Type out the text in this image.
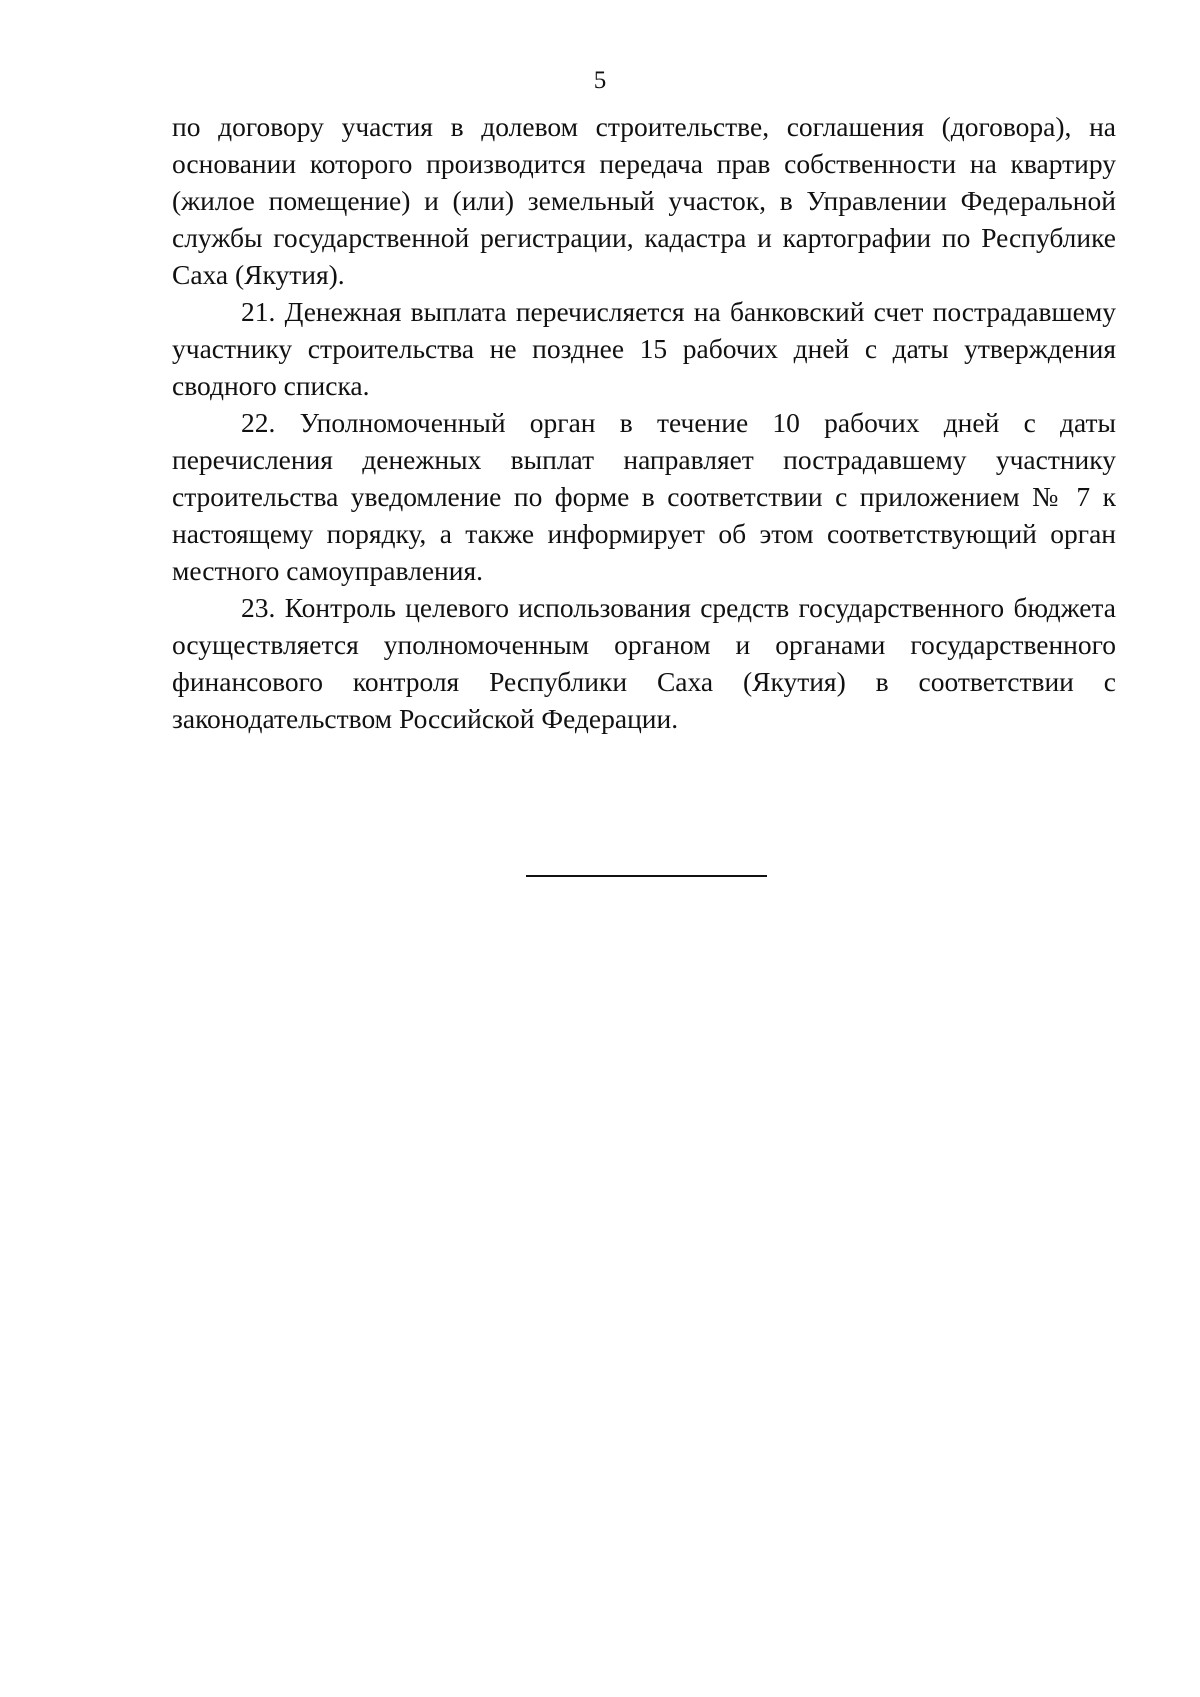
5

по договору участия в долевом строительстве, соглашения (договора), на основании которого производится передача прав собственности на квартиру (жилое помещение) и (или) земельный участок, в Управлении Федеральной службы государственной регистрации, кадастра и картографии по Республике Саха (Якутия).

21. Денежная выплата перечисляется на банковский счет пострадавшему участнику строительства не позднее 15 рабочих дней с даты утверждения сводного списка.

22. Уполномоченный орган в течение 10 рабочих дней с даты перечисления денежных выплат направляет пострадавшему участнику строительства уведомление по форме в соответствии с приложением № 7 к настоящему порядку, а также информирует об этом соответствующий орган местного самоуправления.

23. Контроль целевого использования средств государственного бюджета осуществляется уполномоченным органом и органами государственного финансового контроля Республики Саха (Якутия) в соответствии с законодательством Российской Федерации.
